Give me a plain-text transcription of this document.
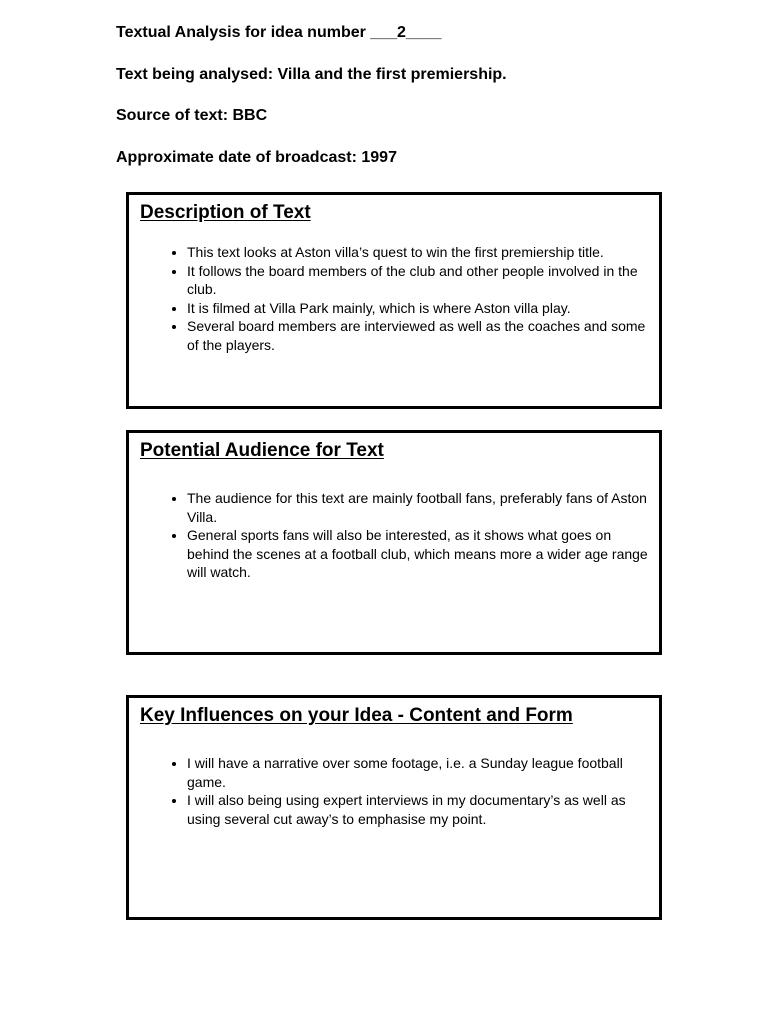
Textual Analysis for idea number ___2____
Text being analysed: Villa and the first premiership.
Source of text: BBC
Approximate date of broadcast: 1997
Description of Text
• This text looks at Aston villa’s quest to win the first premiership title.
• It follows the board members of the club and other people involved in the club.
• It is filmed at Villa Park mainly, which is where Aston villa play.
• Several board members are interviewed as well as the coaches and some of the players.
Potential Audience for Text
• The audience for this text are mainly football fans, preferably fans of Aston Villa.
• General sports fans will also be interested, as it shows what goes on behind the scenes at a football club, which means more a wider age range will watch.
Key Influences on your Idea - Content and Form
• I will have a narrative over some footage, i.e. a Sunday league football game.
• I will also being using expert interviews in my documentary’s as well as using several cut away’s to emphasise my point.
